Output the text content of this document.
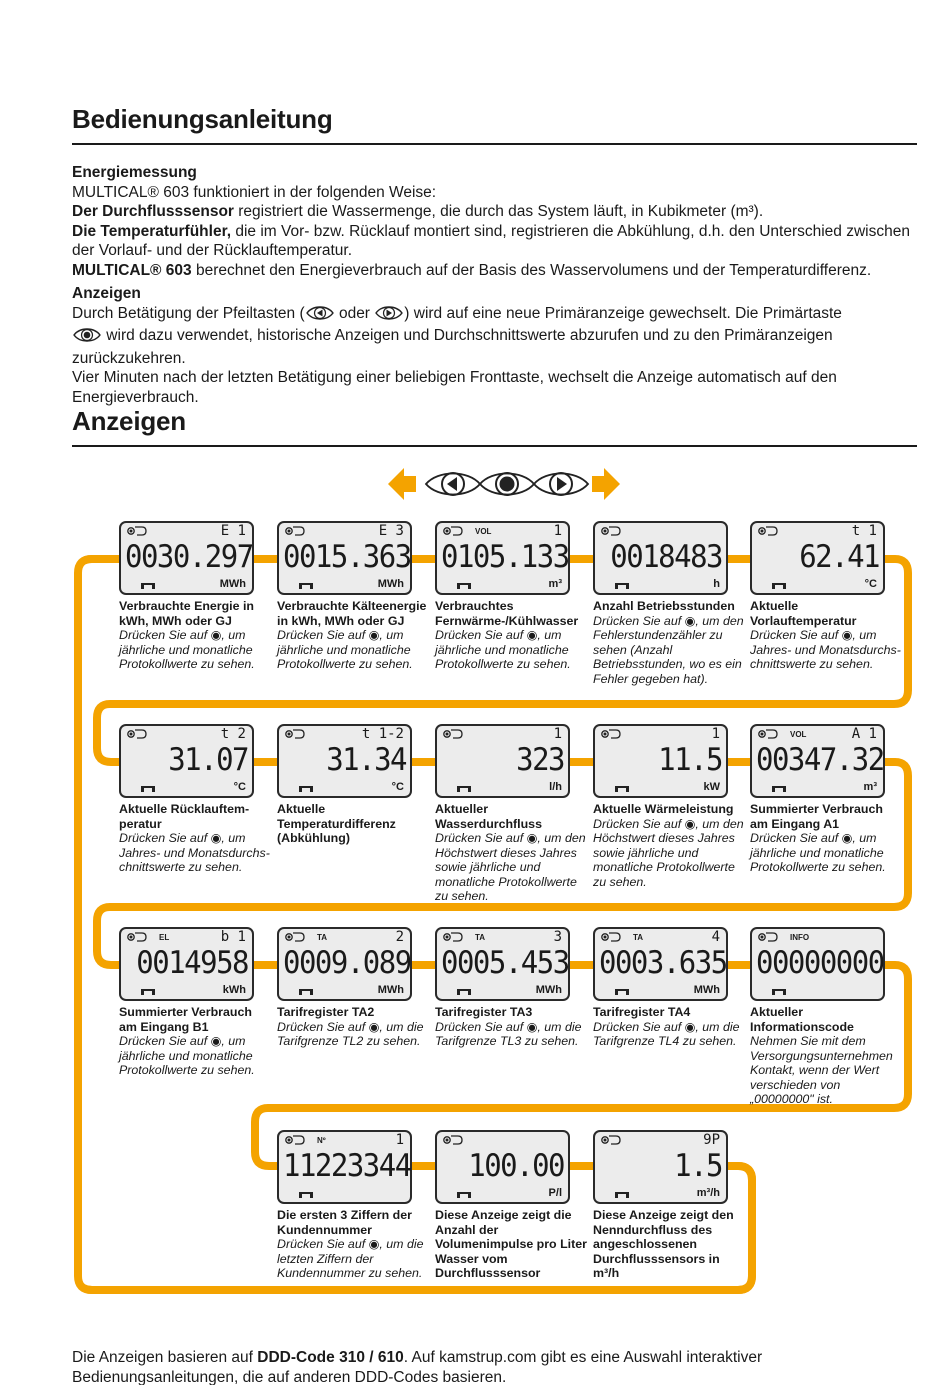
Bedienungsanleitung
Energiemessung
MULTICAL® 603 funktioniert in der folgenden Weise:
Der Durchflusssensor registriert die Wassermenge, die durch das System läuft, in Kubikmeter (m³).
Die Temperaturfühler, die im Vor- bzw. Rücklauf montiert sind, registrieren die Abkühlung, d.h. den Unterschied zwischen der Vorlauf- und der Rücklauftemperatur.
MULTICAL® 603 berechnet den Energieverbrauch auf der Basis des Wasservolumens und der Temperaturdifferenz.
Anzeigen
Durch Betätigung der Pfeiltasten ( oder ) wird auf eine neue Primäranzeige gewechselt. Die Primärtaste
wird dazu verwendet, historische Anzeigen und Durchschnittswerte abzurufen und zu den Primäranzeigen zurückzukehren.
Vier Minuten nach der letzten Betätigung einer beliebigen Fronttaste, wechselt die Anzeige automatisch auf den Energieverbrauch.
Anzeigen
E 1
0030.297
MWh
Verbrauchte Energie in kWh, MWh oder GJ
Drücken Sie auf ◉, um jährliche und monatliche Protokollwerte zu sehen.
E 3
0015.363
MWh
Verbrauchte Kälteenergie in kWh, MWh oder GJ
Drücken Sie auf ◉, um jährliche und monatliche Protokollwerte zu sehen.
VOL	1
0105.133
m³
Verbrauchtes Fernwärme-/Kühlwasser
Drücken Sie auf ◉, um jährliche und monatliche Protokollwerte zu sehen.
0018483
h
Anzahl Betriebsstunden
Drücken Sie auf ◉, um den Fehlerstundenzähler zu sehen (Anzahl Betriebsstunden, wo es ein Fehler gegeben hat).
t 1
62.41
°C
Aktuelle Vorlauftemperatur
Drücken Sie auf ◉, um Jahres- und Monatsdurchs-chnittswerte zu sehen.
t 2
31.07
°C
Aktuelle Rücklauftem-peratur
Drücken Sie auf ◉, um Jahres- und Monatsdurchs-chnittswerte zu sehen.
t 1-2
31.34
°C
Aktuelle Temperaturdifferenz (Abkühlung)
1
323
l/h
Aktueller Wasserdurchfluss
Drücken Sie auf ◉, um den Höchstwert dieses Jahres sowie jährliche und monatliche Protokollwerte zu sehen.
1
11.5
kW
Aktuelle Wärmeleistung
Drücken Sie auf ◉, um den Höchstwert dieses Jahres sowie jährliche und monatliche Protokollwerte zu sehen.
VOL	A 1
00347.32
m³
Summierter Verbrauch am Eingang A1
Drücken Sie auf ◉, um jährliche und monatliche Protokollwerte zu sehen.
EL	b 1
0014958
kWh
Summierter Verbrauch am Eingang B1
Drücken Sie auf ◉, um jährliche und monatliche Protokollwerte zu sehen.
TA	2
0009.089
MWh
Tarifregister TA2
Drücken Sie auf ◉, um die Tarifgrenze TL2 zu sehen.
TA	3
0005.453
MWh
Tarifregister TA3
Drücken Sie auf ◉, um die Tarifgrenze TL3 zu sehen.
TA	4
0003.635
MWh
Tarifregister TA4
Drücken Sie auf ◉, um die Tarifgrenze TL4 zu sehen.
INFO
00000000
Aktueller Informationscode
Nehmen Sie mit dem Versorgungsunternehmen Kontakt, wenn der Wert verschieden von „00000000" ist.
Nº	1
11223344
Die ersten 3 Ziffern der Kundennummer
Drücken Sie auf ◉, um die letzten Ziffern der Kundennummer zu sehen.
100.00
P/l
Diese Anzeige zeigt die Anzahl der Volumenimpulse pro Liter Wasser vom Durchflusssensor
9P
1.5
m³/h
Diese Anzeige zeigt den Nenndurchfluss des angeschlossenen Durchflusssensors in m³/h
Die Anzeigen basieren auf DDD-Code 310 / 610. Auf kamstrup.com gibt es eine Auswahl interaktiver Bedienungsanleitungen, die auf anderen DDD-Codes basieren.
